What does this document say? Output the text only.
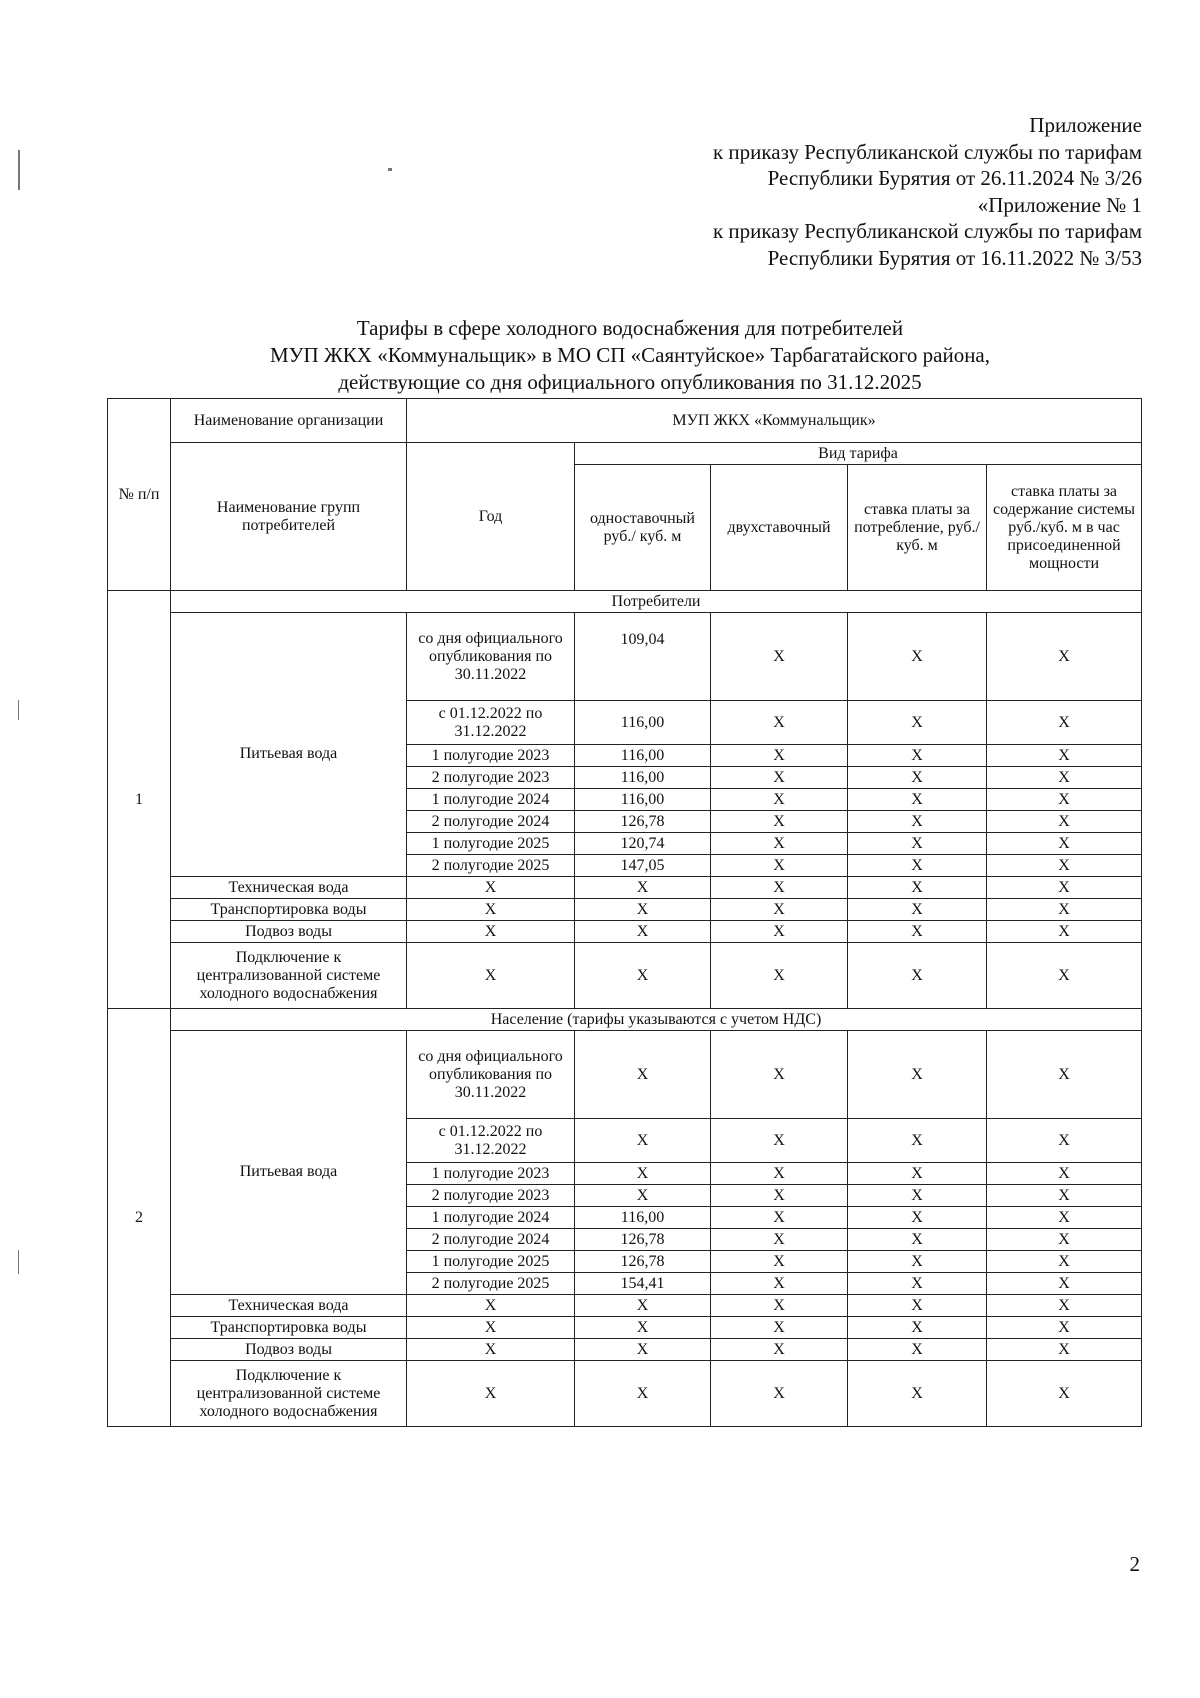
Приложение
к приказу Республиканской службы по тарифам
Республики Бурятия от 26.11.2024 № 3/26
«Приложение № 1
к приказу Республиканской службы по тарифам
Республики Бурятия от 16.11.2022 № 3/53
Тарифы в сфере холодного водоснабжения для потребителей
МУП ЖКХ «Коммунальщик» в МО СП «Саянтуйское» Тарбагатайского района,
действующие со дня официального опубликования по 31.12.2025
№ п/п	Наименование организации	МУП ЖКХ «Коммунальщик»				
	Наименование групп потребителей	Год	Вид тарифа			
			одноставочный руб./ куб. м	двухставочный	ставка платы за потребление, руб./ куб. м	ставка платы за содержание системы руб./куб. м в час присоединенной мощности
1	Потребители					
	Питьевая вода	со дня официального опубликования по 30.11.2022	109,04	X	X	X
		с 01.12.2022 по 31.12.2022	116,00	X	X	X
		1 полугодие 2023	116,00	X	X	X
		2 полугодие 2023	116,00	X	X	X
		1 полугодие 2024	116,00	X	X	X
		2 полугодие 2024	126,78	X	X	X
		1 полугодие 2025	120,74	X	X	X
		2 полугодие 2025	147,05	X	X	X
	Техническая вода	X	X	X	X	X
	Транспортировка воды	X	X	X	X	X
	Подвоз воды	X	X	X	X	X
	Подключение к централизованной системе холодного водоснабжения	X	X	X	X	X
2	Население (тарифы указываются с учетом НДС)					
	Питьевая вода	со дня официального опубликования по 30.11.2022	X	X	X	X
		с 01.12.2022 по 31.12.2022	X	X	X	X
		1 полугодие 2023	X	X	X	X
		2 полугодие 2023	X	X	X	X
		1 полугодие 2024	116,00	X	X	X
		2 полугодие 2024	126,78	X	X	X
		1 полугодие 2025	126,78	X	X	X
		2 полугодие 2025	154,41	X	X	X
	Техническая вода	X	X	X	X	X
	Транспортировка воды	X	X	X	X	X
	Подвоз воды	X	X	X	X	X
	Подключение к централизованной системе холодного водоснабжения	X	X	X	X	X
2
